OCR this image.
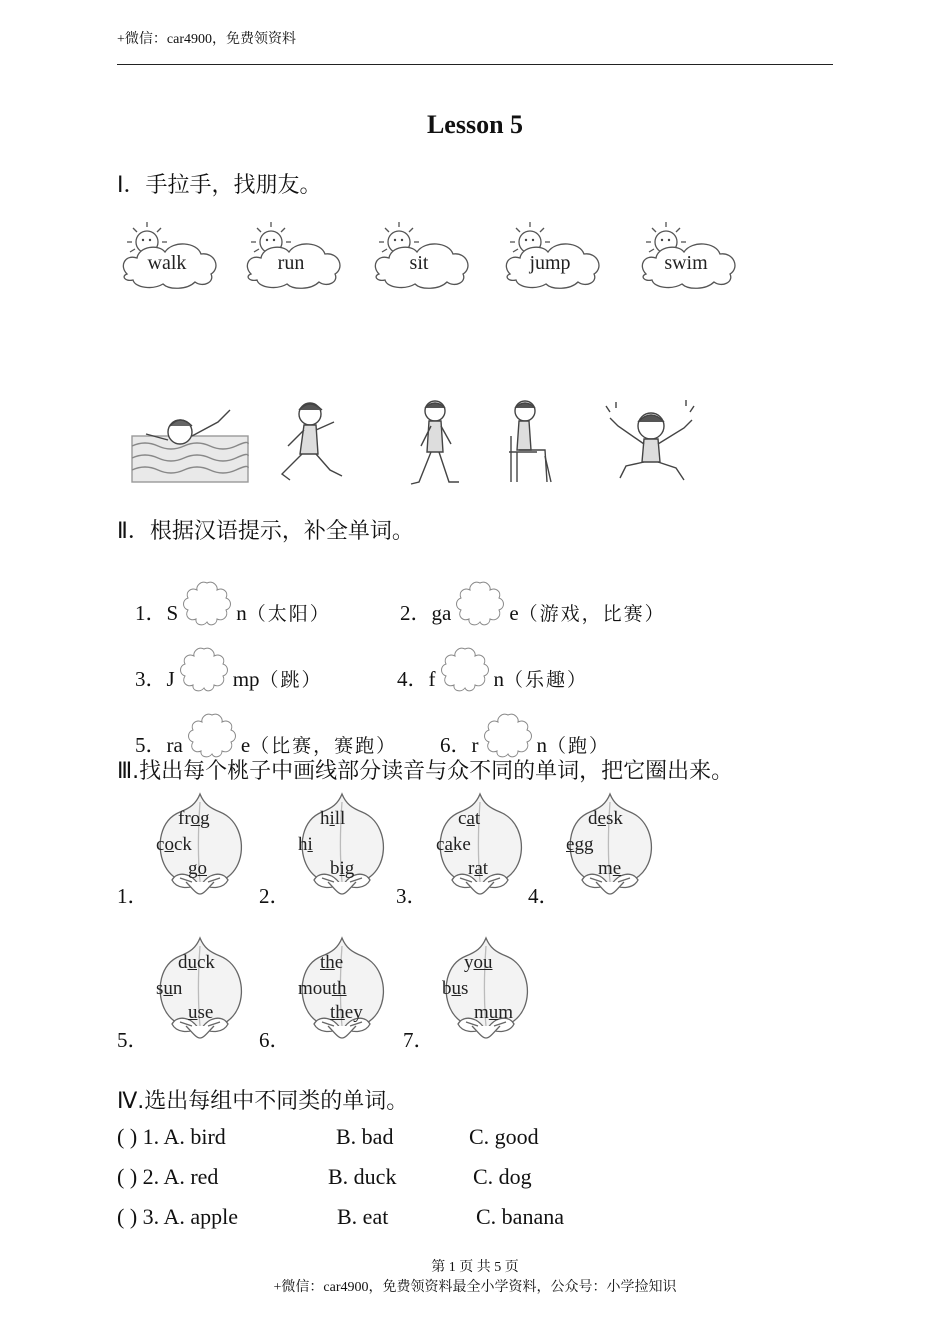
+微信：car4900，免费领资料
Lesson 5
I．手拉手，找朋友。
walk	run	sit	jump	swim
Ⅱ．根据汉语提示，补全单词。
1．S	n（太阳）	2．ga	e（游戏，比赛）
3．J	mp（跳）	4．f	n（乐趣）
5．ra	e（比赛，赛跑） 6．r	n（跑）
Ⅲ.找出每个桃子中画线部分读音与众不同的单词，把它圈出来。
1．
frog
cock
go
2．
hill
hi
big
3．
cat
cake
rat
4．
desk
egg
me
5．
duck
sun
use
6．
the
mouth
they
7．
you
bus
mum
Ⅳ.选出每组中不同类的单词。
( ) 1. A. bird	B. bad	C. good
( ) 2. A. red	B. duck	C. dog
( ) 3. A. apple	B. eat	C. banana
第 1 页 共 5 页
+微信：car4900，免费领资料最全小学资料，公众号：小学捡知识
